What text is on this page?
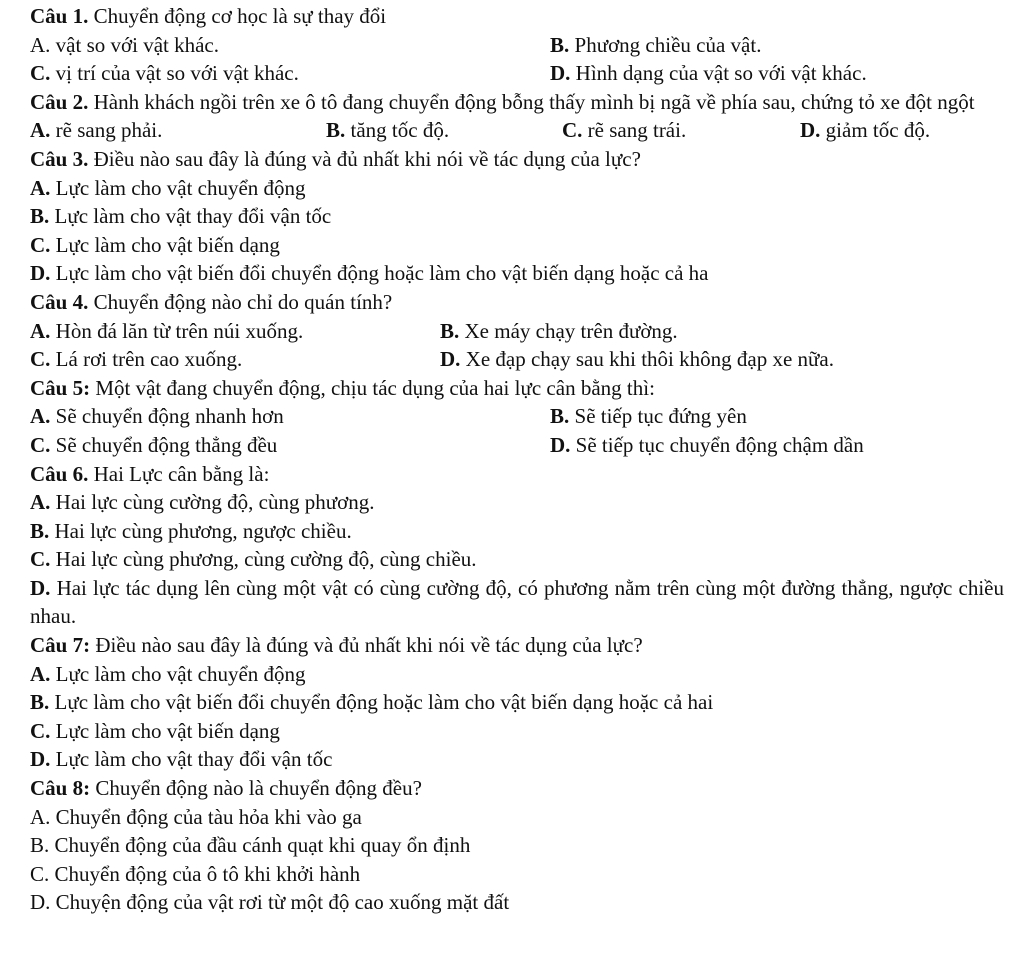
Câu 1. Chuyển động cơ học là sự thay đổi
A. vật so với vật khác.	B. Phương chiều của vật.
C. vị trí của vật so với vật khác.	D. Hình dạng của vật so với vật khác.
Câu 2. Hành khách ngồi trên xe ô tô đang chuyển động bỗng thấy mình bị ngã về phía sau, chứng tỏ xe đột ngột
A. rẽ sang phải.	B. tăng tốc độ.	C. rẽ sang trái.	D. giảm tốc độ.
Câu 3. Điều nào sau đây là đúng và đủ nhất khi nói về tác dụng của lực?
A. Lực làm cho vật chuyển động
B. Lực làm cho vật thay đổi vận tốc
C. Lực làm cho vật biến dạng
D. Lực làm cho vật biến đổi chuyển động hoặc làm cho vật biến dạng hoặc cả ha
Câu 4. Chuyển động nào chỉ do quán tính?
A. Hòn đá lăn từ trên núi xuống.	B. Xe máy chạy trên đường.
C. Lá rơi trên cao xuống.	D. Xe đạp chạy sau khi thôi không đạp xe nữa.
Câu 5: Một vật đang chuyển động, chịu tác dụng của hai lực cân bằng thì:
A. Sẽ chuyển động nhanh hơn	B. Sẽ tiếp tục đứng yên
C. Sẽ chuyển động thẳng đều	D. Sẽ tiếp tục chuyển động chậm dần
Câu 6. Hai Lực cân bằng là:
A. Hai lực cùng cường độ, cùng phương.
B. Hai lực cùng phương, ngược chiều.
C. Hai lực cùng phương, cùng cường độ, cùng chiều.
D. Hai lực tác dụng lên cùng một vật có cùng cường độ, có phương nằm trên cùng một đường thẳng, ngược chiều nhau.
Câu 7: Điều nào sau đây là đúng và đủ nhất khi nói về tác dụng của lực?
A. Lực làm cho vật chuyển động
B. Lực làm cho vật biến đổi chuyển động hoặc làm cho vật biến dạng hoặc cả hai
C. Lực làm cho vật biến dạng
D. Lực làm cho vật thay đổi vận tốc
Câu 8: Chuyển động nào là chuyển động đều?
A. Chuyển động của tàu hỏa khi vào ga
B. Chuyển động của đầu cánh quạt khi quay ổn định
C. Chuyển động của ô tô khi khởi hành
D. Chuyện động của vật rơi từ một độ cao xuống mặt đất
